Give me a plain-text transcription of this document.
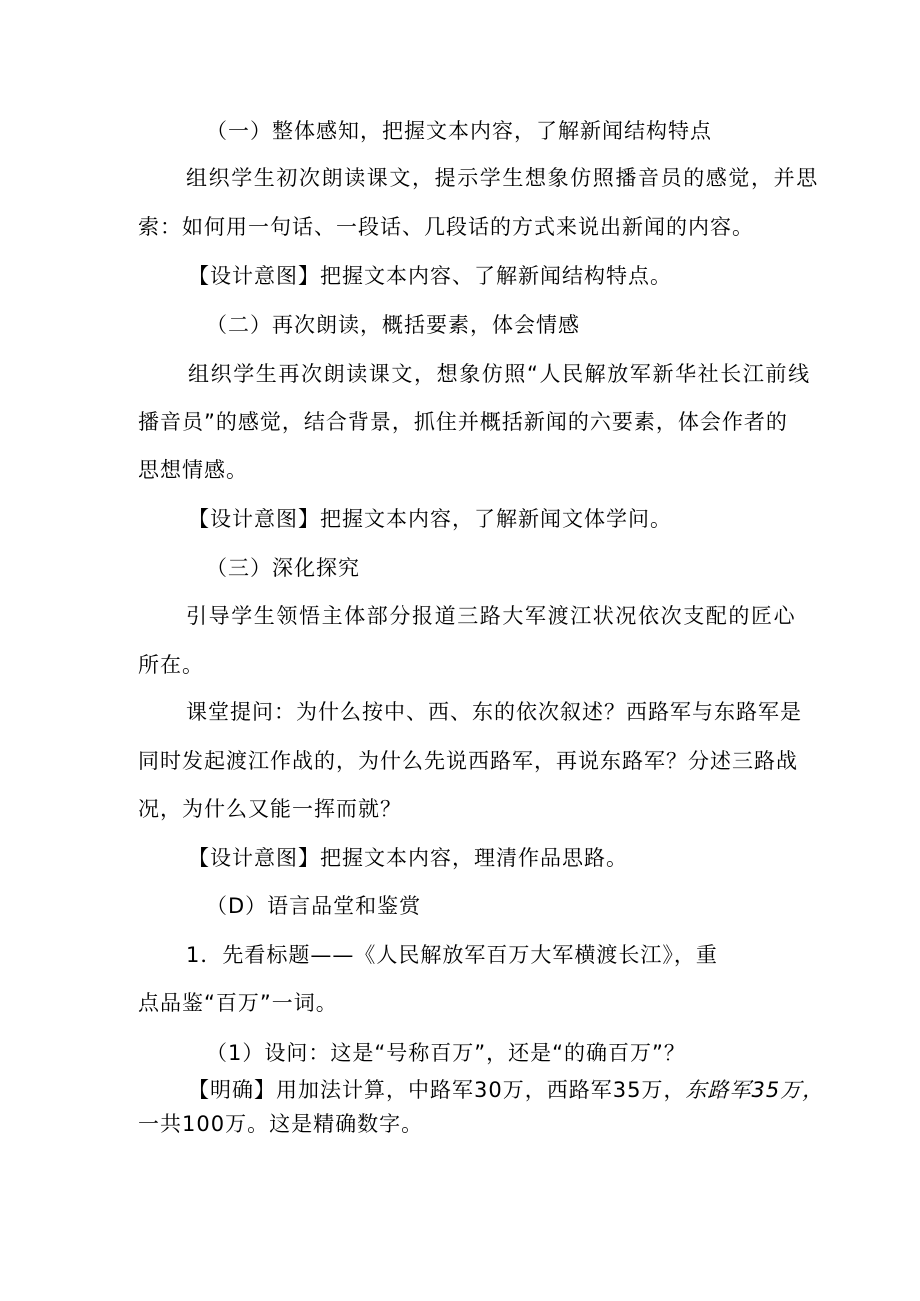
（一）整体感知，把握文本内容，了解新闻结构特点
组织学生初次朗读课文，提示学生想象仿照播音员的感觉，并思
索：如何用一句话、一段话、几段话的方式来说出新闻的内容。
【设计意图】把握文本内容、了解新闻结构特点。
（二）再次朗读，概括要素，体会情感
组织学生再次朗读课文，想象仿照“人民解放军新华社长江前线
播音员”的感觉，结合背景，抓住并概括新闻的六要素，体会作者的
思想情感。
【设计意图】把握文本内容，了解新闻文体学问。
（三）深化探究
引导学生领悟主体部分报道三路大军渡江状况依次支配的匠心
所在。
课堂提问：为什么按中、西、东的依次叙述？西路军与东路军是
同时发起渡江作战的，为什么先说西路军，再说东路军？分述三路战
况，为什么又能一挥而就？
【设计意图】把握文本内容，理清作品思路。
（D）语言品堂和鉴赏
1．先看标题——《人民解放军百万大军横渡长江》，重
点品鉴“百万”一词。
（1）设问：这是“号称百万”，还是“的确百万”？
【明确】用加法计算，中路军30万，西路军35万，东路军35万，
一共100万。这是精确数字。
